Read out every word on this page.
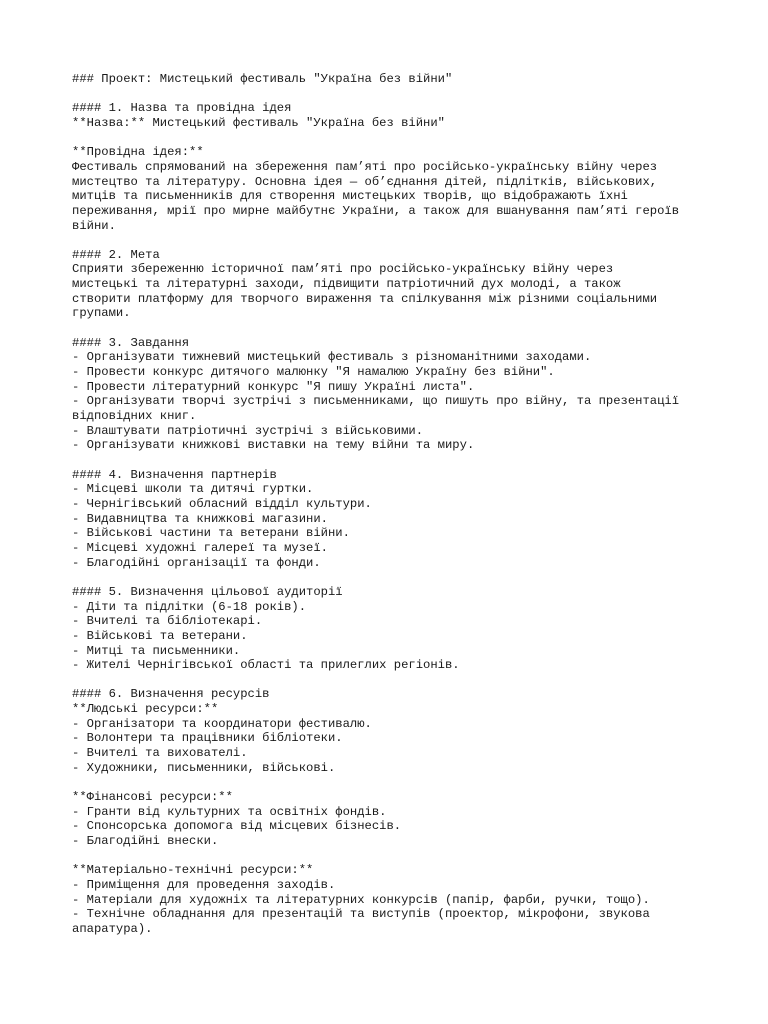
### Проект: Мистецький фестиваль "Україна без війни"
#### 1. Назва та провідна ідея
**Назва:** Мистецький фестиваль "Україна без війни"
**Провідна ідея:**
Фестиваль спрямований на збереження пам’яті про російсько-українську війну через
мистецтво та літературу. Основна ідея — об’єднання дітей, підлітків, військових,
митців та письменників для створення мистецьких творів, що відображають їхні
переживання, мрії про мирне майбутнє України, а також для вшанування пам’яті героїв
війни.
#### 2. Мета
Сприяти збереженню історичної пам’яті про російсько-українську війну через
мистецькі та літературні заходи, підвищити патріотичний дух молоді, а також
створити платформу для творчого вираження та спілкування між різними соціальними
групами.
#### 3. Завдання
- Організувати тижневий мистецький фестиваль з різноманітними заходами.
- Провести конкурс дитячого малюнку "Я намалюю Україну без війни".
- Провести літературний конкурс "Я пишу Україні листа".
- Організувати творчі зустрічі з письменниками, що пишуть про війну, та презентації
відповідних книг.
- Влаштувати патріотичні зустрічі з військовими.
- Організувати книжкові виставки на тему війни та миру.
#### 4. Визначення партнерів
- Місцеві школи та дитячі гуртки.
- Чернігівський обласний відділ культури.
- Видавництва та книжкові магазини.
- Військові частини та ветерани війни.
- Місцеві художні галереї та музеї.
- Благодійні організації та фонди.
#### 5. Визначення цільової аудиторії
- Діти та підлітки (6-18 років).
- Вчителі та бібліотекарі.
- Військові та ветерани.
- Митці та письменники.
- Жителі Чернігівської області та прилеглих регіонів.
#### 6. Визначення ресурсів
**Людські ресурси:**
- Організатори та координатори фестивалю.
- Волонтери та працівники бібліотеки.
- Вчителі та вихователі.
- Художники, письменники, військові.
**Фінансові ресурси:**
- Гранти від культурних та освітніх фондів.
- Спонсорська допомога від місцевих бізнесів.
- Благодійні внески.
**Матеріально-технічні ресурси:**
- Приміщення для проведення заходів.
- Матеріали для художніх та літературних конкурсів (папір, фарби, ручки, тощо).
- Технічне обладнання для презентацій та виступів (проектор, мікрофони, звукова
апаратура).
